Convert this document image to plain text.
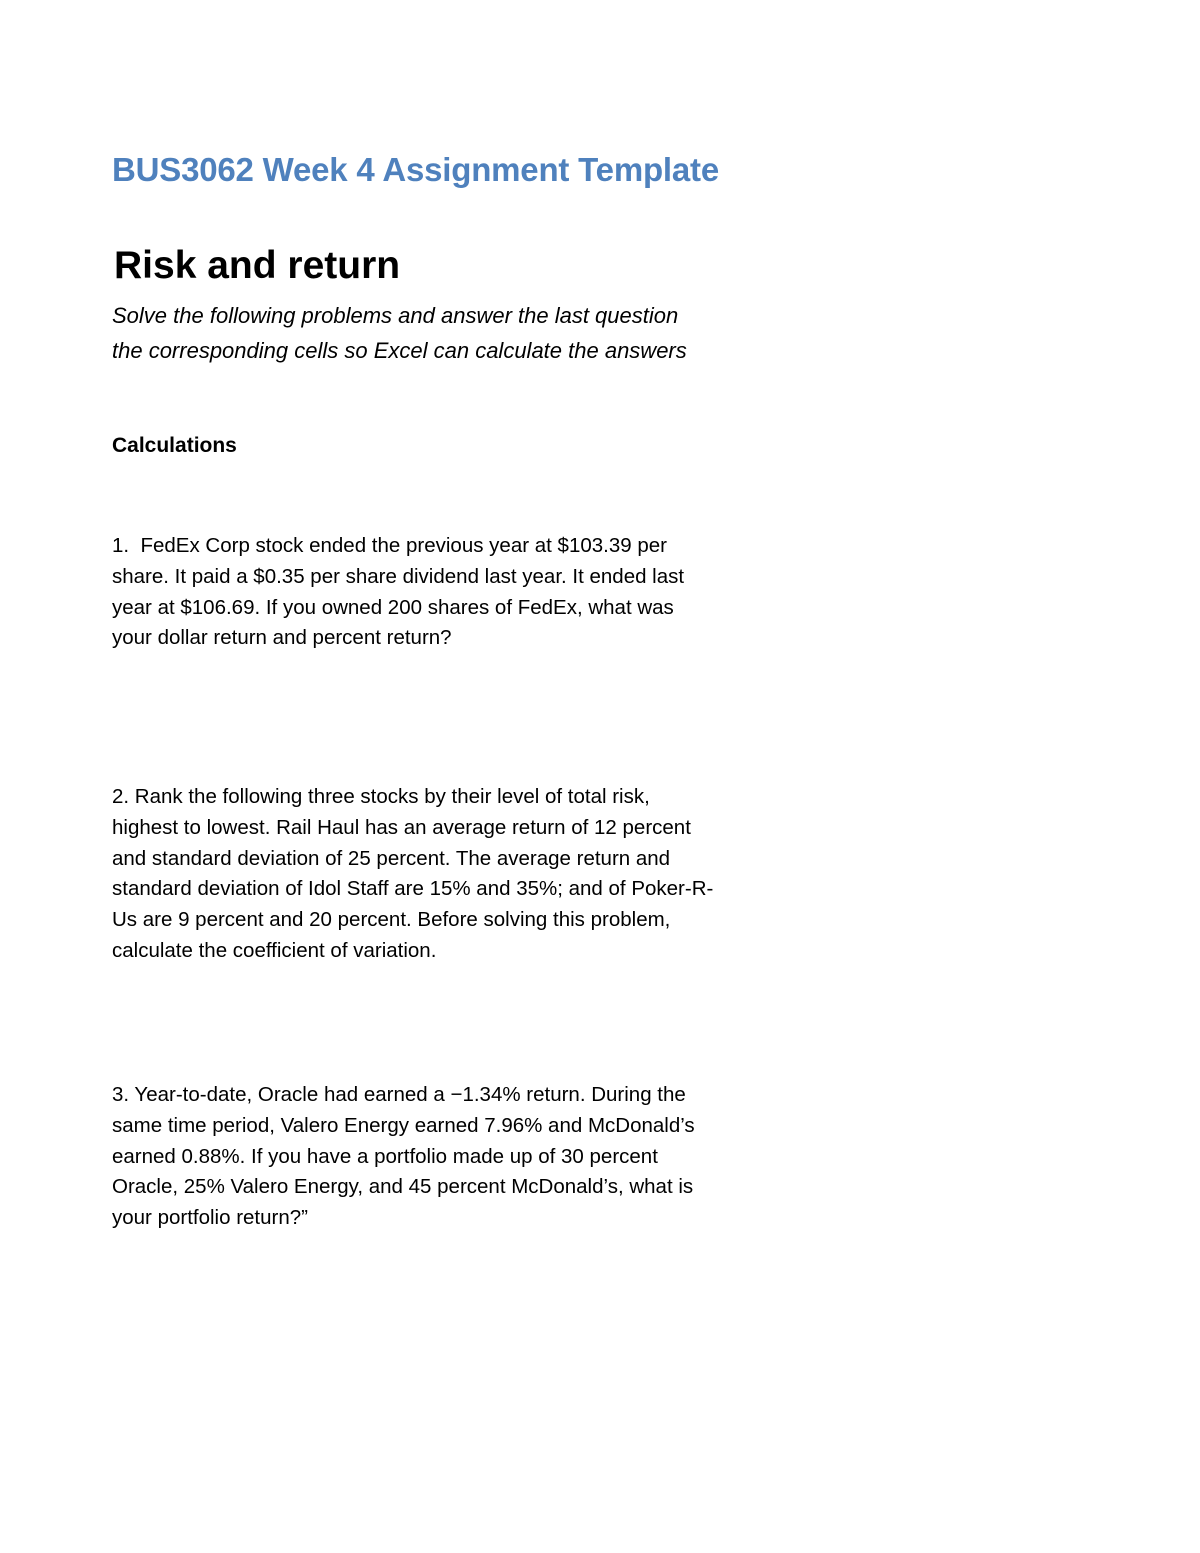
BUS3062 Week 4 Assignment Template
Risk and return
Solve the following problems and answer the last question
the corresponding cells so Excel can calculate the answers
Calculations
1.  FedEx Corp stock ended the previous year at $103.39 per
share. It paid a $0.35 per share dividend last year. It ended last
year at $106.69. If you owned 200 shares of FedEx, what was
your dollar return and percent return?
2. Rank the following three stocks by their level of total risk,
highest to lowest. Rail Haul has an average return of 12 percent
and standard deviation of 25 percent. The average return and
standard deviation of Idol Staff are 15% and 35%; and of Poker-R-
Us are 9 percent and 20 percent. Before solving this problem,
calculate the coefficient of variation.
3. Year-to-date, Oracle had earned a −1.34% return. During the
same time period, Valero Energy earned 7.96% and McDonald’s
earned 0.88%. If you have a portfolio made up of 30 percent
Oracle, 25% Valero Energy, and 45 percent McDonald’s, what is
your portfolio return?”
